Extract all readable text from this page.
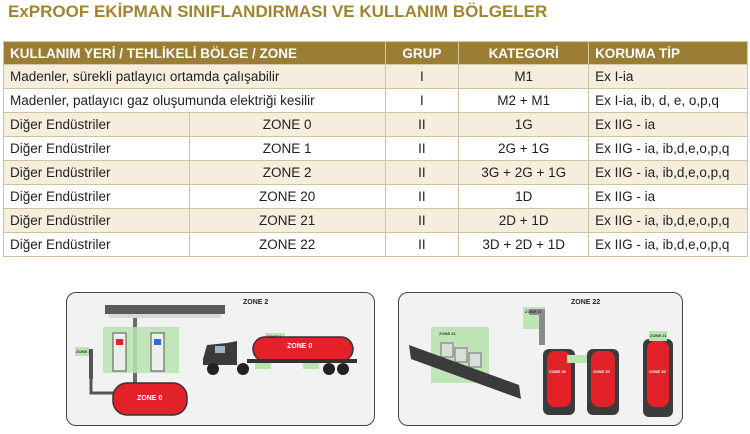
ExPROOF EKİPMAN SINIFLANDIRMASI VE KULLANIM BÖLGELER
KULLANIM YERİ / TEHLİKELİ BÖLGE / ZONE		GRUP	KATEGORİ	KORUMA TİP
Madenler, sürekli patlayıcı ortamda çalışabilir		I	M1	Ex I-ia
Madenler, patlayıcı gaz oluşumunda elektriği kesilir		I	M2 + M1	Ex I-ia, ib, d, e, o,p,q
Diğer Endüstriler	ZONE 0	II	1G	Ex IIG - ia
Diğer Endüstriler	ZONE 1	II	2G + 1G	Ex IIG - ia, ib,d,e,o,p,q
Diğer Endüstriler	ZONE 2	II	3G + 2G + 1G	Ex IIG - ia, ib,d,e,o,p,q
Diğer Endüstriler	ZONE 20	II	1D	Ex IIG - ia
Diğer Endüstriler	ZONE 21	II	2D + 1D	Ex IIG - ia, ib,d,e,o,p,q
Diğer Endüstriler	ZONE 22	II	3D + 2D + 1D	Ex IIG - ia, ib,d,e,o,p,q
ZONE 2
ZONE 0
ZONE 0
ZONE 1
ZONE 1
ZONE 22
ZONE 20	ZONE 20	ZONE 20
ZONE 21
ZONE 21
ZONE 21
